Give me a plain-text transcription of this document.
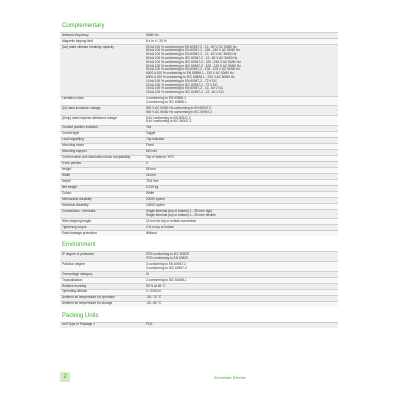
Complementary
Network frequency	50/60 Hz
Magnetic tripping limit	8 x In +/- 20 %
[Icu] rated ultimate breaking capacity	50 kA 100 % conforming to EN 60947-2 - 12...60 V DC 50/60 Hz
50 kA 100 % conforming to EN 60947-2 - 220...240 V AC 50/60 Hz
50 kA 100 % conforming to EN 60947-2 - 12...60 V AC 50/60 Hz
50 kA 100 % conforming to IEC 60947-2 - 12...60 V AC 50/60 Hz
50 kA 100 % conforming to IEC 60947-2 - 220...240 V AC 50/60 Hz
50 kA 100 % conforming to IEC 60947-2 - 100...133 V AC 50/60 Hz
50 kA 100 % conforming to EN 60947-2 - 100...133 V AC 50/60 Hz
6000 A 100 % conforming to EN 60898-1 - 230 V AC 50/60 Hz
6000 A 100 % conforming to IEC 60898-1 - 230 V AC 50/60 Hz
10 kA 100 % conforming to EN 60947-2 - 72 V DC
10 kA 100 % conforming to IEC 60947-2 - 72 V DC
15 kA 100 % conforming to EN 60947-2 - 12...60 V DC
15 kA 100 % conforming to IEC 60947-2 - 12...60 V DC
Limitation class	3 conforming to EN 60898-1
3 conforming to IEC 60898-1
[Ui] rated insulation voltage	500 V AC 50/60 Hz conforming to EN 60947-2
500 V AC 50/60 Hz conforming to IEC 60947-2
[Uimp] rated impulse withstand voltage	6 kV conforming to EN 60947-2
6 kV conforming to IEC 60947-2
Contact position indicator	Yes
Control type	Toggle
Local signalling	Trip indicator
Mounting mode	Fixed
Mounting support	DIN rail
Comb busbar and distribution block compatibility	Top or bottom: YES
9 mm pitches	2
Height	85 mm
Width	18 mm
Depth	78.5 mm
Net weight	0.215 kg
Colour	White
Mechanical durability	20000 cycles
Electrical durability	10000 cycles
Connections - terminals	Single terminal (top or bottom) 1...35 mm² rigid
Single terminal (top or bottom) 1...25 mm² flexible
Wire stripping length	14 mm for top or bottom connection
Tightening torque	2 N.m top or bottom
Earth-leakage protection	Without
Environment
IP degree of protection	IP20 conforming to IEC 60529
IP20 conforming to EN 60529
Pollution degree	3 conforming to EN 60947-2
3 conforming to IEC 60947-2
Overvoltage category	IV
Tropicalisation	2 conforming to IEC 60068-1
Relative humidity	95 % at 55 °C
Operating altitude	0...2000 m
Ambient air temperature for operation	-35...70 °C
Ambient air temperature for storage	-40...85 °C
Packing Units
Unit Type of Package 1	PCE
2	Schneider Electric
